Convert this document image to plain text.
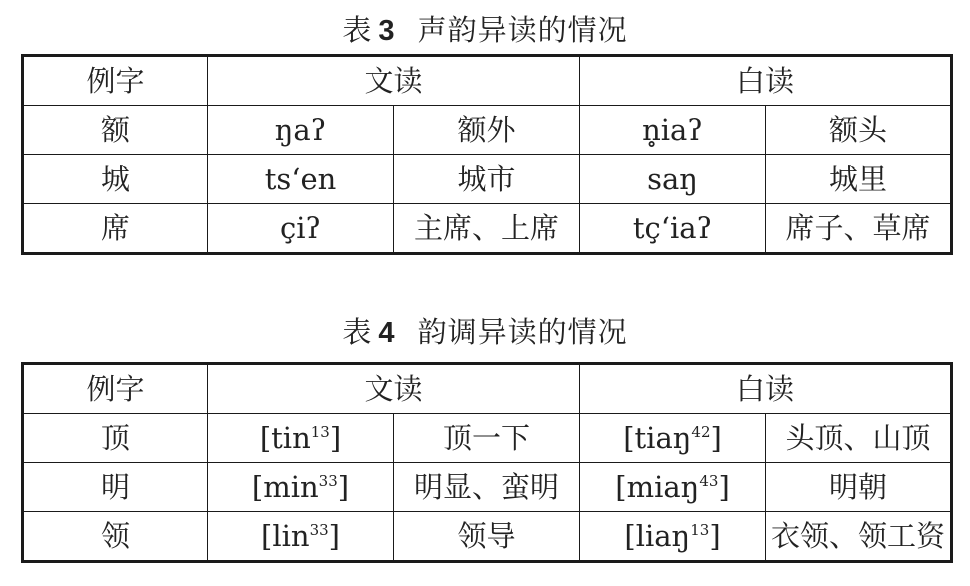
表 3 声韵异读的情况
例字	文读		白读	
额	ŋaʔ	额外	n̥iaʔ	额头
城	ts‘en	城市	saŋ	城里
席	çiʔ	主席、上席	tç‘iaʔ	席子、草席
表 4 韵调异读的情况
例字	文读		白读	
顶	[tin$^{13}$]	顶一下	[tiaŋ$^{42}$]	头顶、山顶
明	$[\min^{33}]$	明显、蛮明	[miaŋ$^{43}$]	明朝
领	[lin$^{33}$]	领导	[liaŋ$^{13}$]	衣领、领工资
